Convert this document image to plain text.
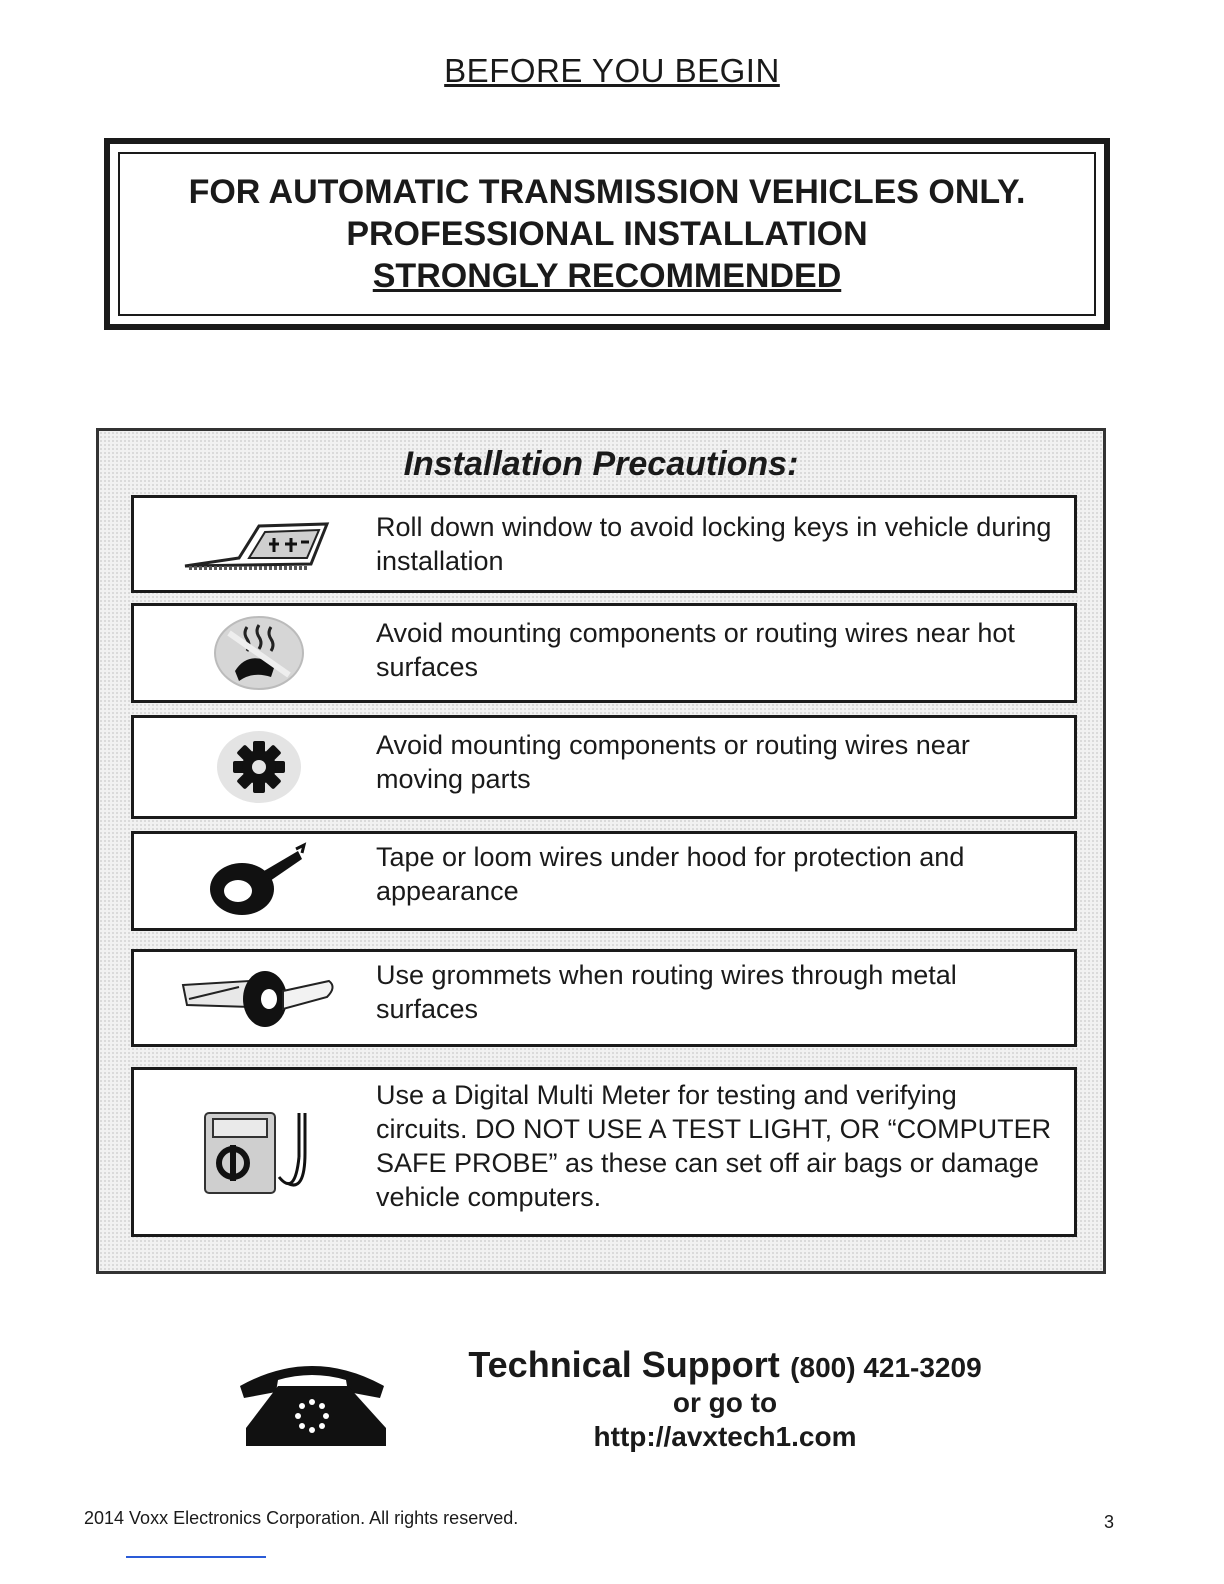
BEFORE YOU BEGIN
FOR AUTOMATIC TRANSMISSION VEHICLES ONLY.
PROFESSIONAL INSTALLATION
STRONGLY RECOMMENDED
Installation Precautions:
Roll down window to avoid locking keys in vehicle during installation
Avoid mounting components or routing wires near hot surfaces
Avoid mounting components or routing wires near moving parts
Tape or loom wires under hood for protection and appearance
Use grommets when routing wires through metal surfaces
Use a Digital Multi Meter for testing and verifying circuits. DO NOT USE A TEST LIGHT, OR “COMPUTER SAFE PROBE” as these can set off air bags or damage vehicle computers.
Technical Support (800) 421-3209
or go to
http://avxtech1.com
2014 Voxx Electronics Corporation. All rights reserved.	3
